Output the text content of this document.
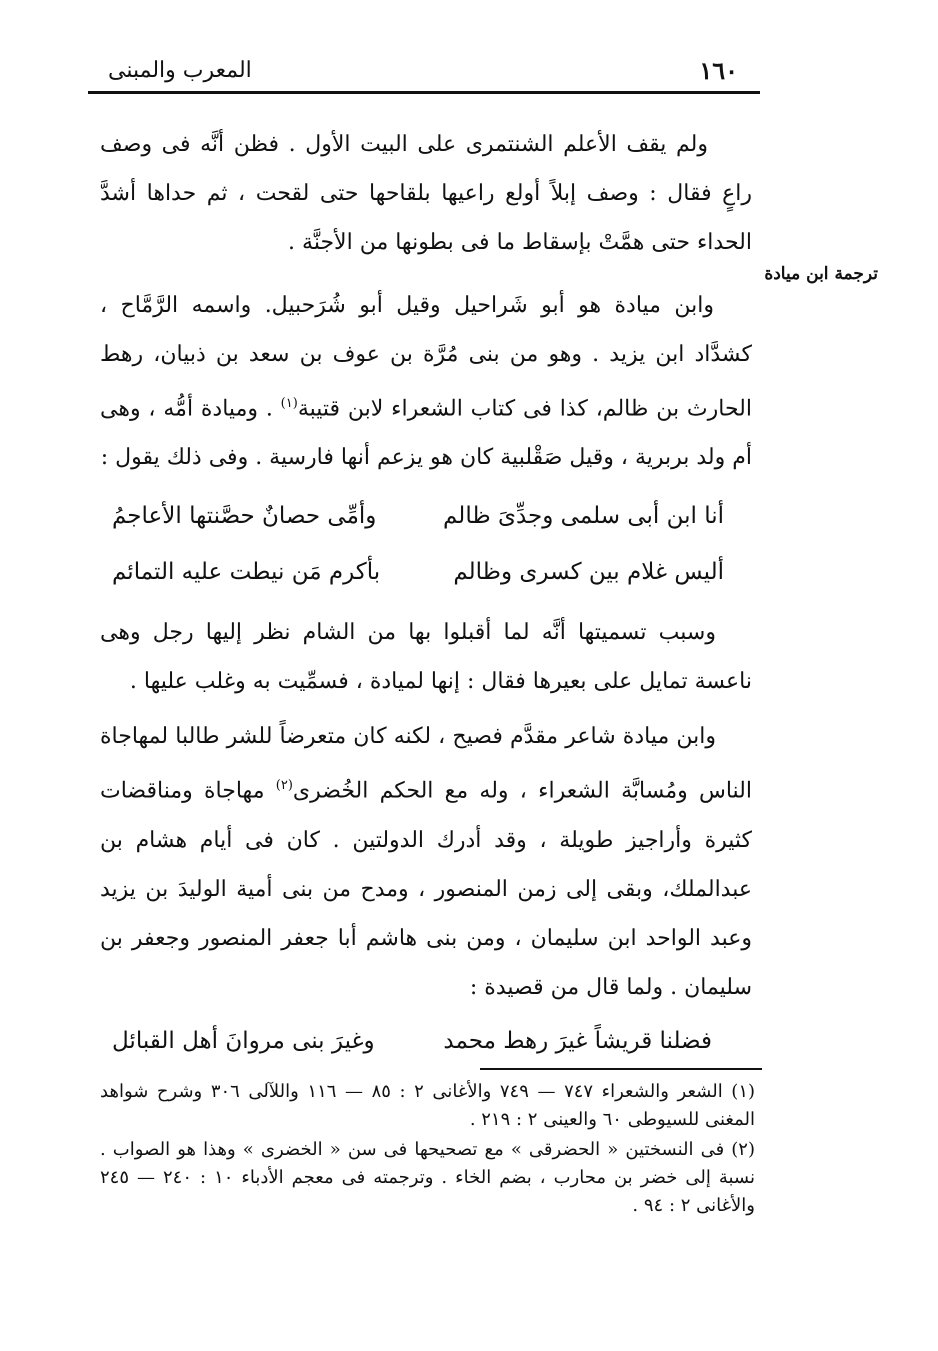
المعرب والمبنى	١٦٠
ترجمة ابن ميادة

ولم يقف الأعلم الشنتمرى على البيت الأول . فظن أنَّه فى وصف راعٍ فقال : وصف إبلاً أولع راعيها بلقاحها حتى لقحت ، ثم حداها أشدَّ الحداء حتى همَّتْ بإسقاط ما فى بطونها من الأجنَّة .

وابن ميادة هو أبو شَراحيل وقيل أبو شُرَحبيل. واسمه الرَّمَّاح ، كشدَّاد ابن يزيد . وهو من بنى مُرَّة بن عوف بن سعد بن ذبيان، رهط الحارث بن ظالم، كذا فى كتاب الشعراء لابن قتيبة$^{(١)}$ . وميادة أمُّه ، وهى أم ولد بربرية ، وقيل صَقْلبية كان هو يزعم أنها فارسية . وفى ذلك يقول :

أنا ابن أبى سلمى وجدِّىَ ظالم
وأمِّى حصانٌ حصَّنتها الأعاجمُ
أليس غلام بين كسرى وظالم
بأكرم مَن نيطت عليه التمائم

وسبب تسميتها أنَّه لما أقبلوا بها من الشام نظر إليها رجل وهى ناعسة تمايل على بعيرها فقال : إنها لميادة ، فسمِّيت به وغلب عليها .

وابن ميادة شاعر مقدَّم فصيح ، لكنه كان متعرضاً للشر طالبا لمهاجاة الناس ومُسابَّة الشعراء ، وله مع الحكم الخُضرى$^{(٢)}$ مهاجاة ومناقضات كثيرة وأراجيز طويلة ، وقد أدرك الدولتين . كان فى أيام هشام بن عبدالملك، وبقى إلى زمن المنصور ، ومدح من بنى أمية الوليدَ بن يزيد وعبد الواحد ابن سليمان ، ومن بنى هاشم أبا جعفر المنصور وجعفر بن سليمان . ولما قال من قصيدة :

فضلنا قريشاً غيرَ رهط محمد
وغيرَ بنى مروانَ أهل القبائل

(١) الشعر والشعراء ٧٤٧ — ٧٤٩ والأغانى ٢ : ٨٥ — ١١٦ واللآلى ٣٠٦ وشرح شواهد المغنى للسيوطى ٦٠ والعينى ٢ : ٢١٩ .

(٢) فى النسختين « الحضرقى » مع تصحيحها فى سن « الخضرى » وهذا هو الصواب . نسبة إلى خضر بن محارب ، بضم الخاء . وترجمته فى معجم الأدباء ١٠ : ٢٤٠ — ٢٤٥ والأغانى ٢ : ٩٤ .
